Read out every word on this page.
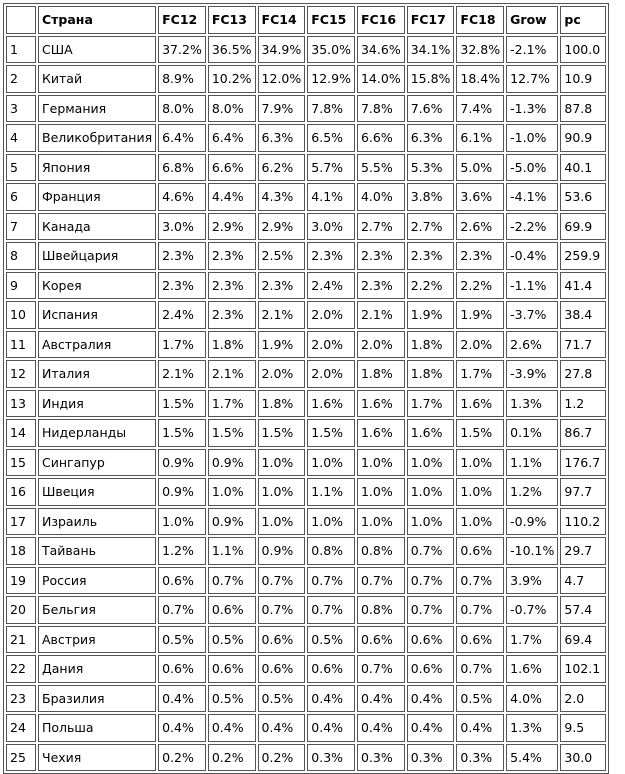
	Страна	FC12	FC13	FC14	FC15	FC16	FC17	FC18	Grow	pc
1	США	37.2%	36.5%	34.9%	35.0%	34.6%	34.1%	32.8%	-2.1%	100.0
2	Китай	8.9%	10.2%	12.0%	12.9%	14.0%	15.8%	18.4%	12.7%	10.9
3	Германия	8.0%	8.0%	7.9%	7.8%	7.8%	7.6%	7.4%	-1.3%	87.8
4	Великобритания	6.4%	6.4%	6.3%	6.5%	6.6%	6.3%	6.1%	-1.0%	90.9
5	Япония	6.8%	6.6%	6.2%	5.7%	5.5%	5.3%	5.0%	-5.0%	40.1
6	Франция	4.6%	4.4%	4.3%	4.1%	4.0%	3.8%	3.6%	-4.1%	53.6
7	Канада	3.0%	2.9%	2.9%	3.0%	2.7%	2.7%	2.6%	-2.2%	69.9
8	Швейцария	2.3%	2.3%	2.5%	2.3%	2.3%	2.3%	2.3%	-0.4%	259.9
9	Корея	2.3%	2.3%	2.3%	2.4%	2.3%	2.2%	2.2%	-1.1%	41.4
10	Испания	2.4%	2.3%	2.1%	2.0%	2.1%	1.9%	1.9%	-3.7%	38.4
11	Австралия	1.7%	1.8%	1.9%	2.0%	2.0%	1.8%	2.0%	2.6%	71.7
12	Италия	2.1%	2.1%	2.0%	2.0%	1.8%	1.8%	1.7%	-3.9%	27.8
13	Индия	1.5%	1.7%	1.8%	1.6%	1.6%	1.7%	1.6%	1.3%	1.2
14	Нидерланды	1.5%	1.5%	1.5%	1.5%	1.6%	1.6%	1.5%	0.1%	86.7
15	Сингапур	0.9%	0.9%	1.0%	1.0%	1.0%	1.0%	1.0%	1.1%	176.7
16	Швеция	0.9%	1.0%	1.0%	1.1%	1.0%	1.0%	1.0%	1.2%	97.7
17	Израиль	1.0%	0.9%	1.0%	1.0%	1.0%	1.0%	1.0%	-0.9%	110.2
18	Тайвань	1.2%	1.1%	0.9%	0.8%	0.8%	0.7%	0.6%	-10.1%	29.7
19	Россия	0.6%	0.7%	0.7%	0.7%	0.7%	0.7%	0.7%	3.9%	4.7
20	Бельгия	0.7%	0.6%	0.7%	0.7%	0.8%	0.7%	0.7%	-0.7%	57.4
21	Австрия	0.5%	0.5%	0.6%	0.5%	0.6%	0.6%	0.6%	1.7%	69.4
22	Дания	0.6%	0.6%	0.6%	0.6%	0.7%	0.6%	0.7%	1.6%	102.1
23	Бразилия	0.4%	0.5%	0.5%	0.4%	0.4%	0.4%	0.5%	4.0%	2.0
24	Польша	0.4%	0.4%	0.4%	0.4%	0.4%	0.4%	0.4%	1.3%	9.5
25	Чехия	0.2%	0.2%	0.2%	0.3%	0.3%	0.3%	0.3%	5.4%	30.0
